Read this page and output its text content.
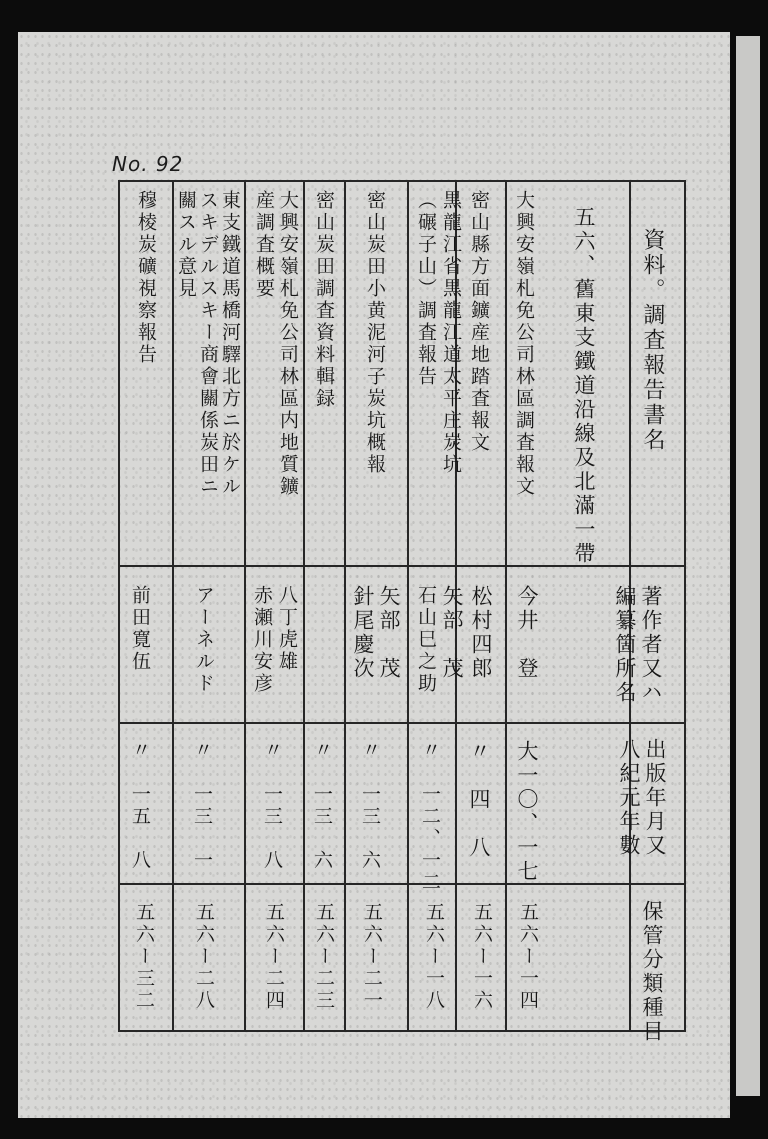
No. 92
資料。調査報告書名
著作者又ハ
編纂箇所名
出版年月又
八紀元年數
保管分類種目
五六、舊東支鐵道沿線及北滿一帶
大興安嶺札免公司林區調査報文
今井　登
大一〇、一七
五六ー一四
密山縣方面鑛産地踏査報文
松村四郎
〃　四　八
五六ー一六
黒龍江省黒龍江道太平庄炭坑
（碾子山）調査報告
矢部　茂
石山巳之助
〃　一二、一二
五六ー一八
密山炭田小黄泥河子炭坑概報
矢部　茂
針尾慶次
〃　一三　六
五六ー二一
密山炭田調査資料輯録
〃　一三　六
五六ー二三
大興安嶺札免公司林區内地質鑛
産調査概要
八丁虎雄
赤瀬川安彦
〃　一三　八
五六ー二四
東支鐵道馬橋河驛北方ニ於ケル
スキデルスキー商會關係炭田ニ
關スル意見
アーネルド
〃　一三　一
五六ー二八
穆棱炭礦視察報告
前田寛伍
〃　一五　八
五六ー三二
